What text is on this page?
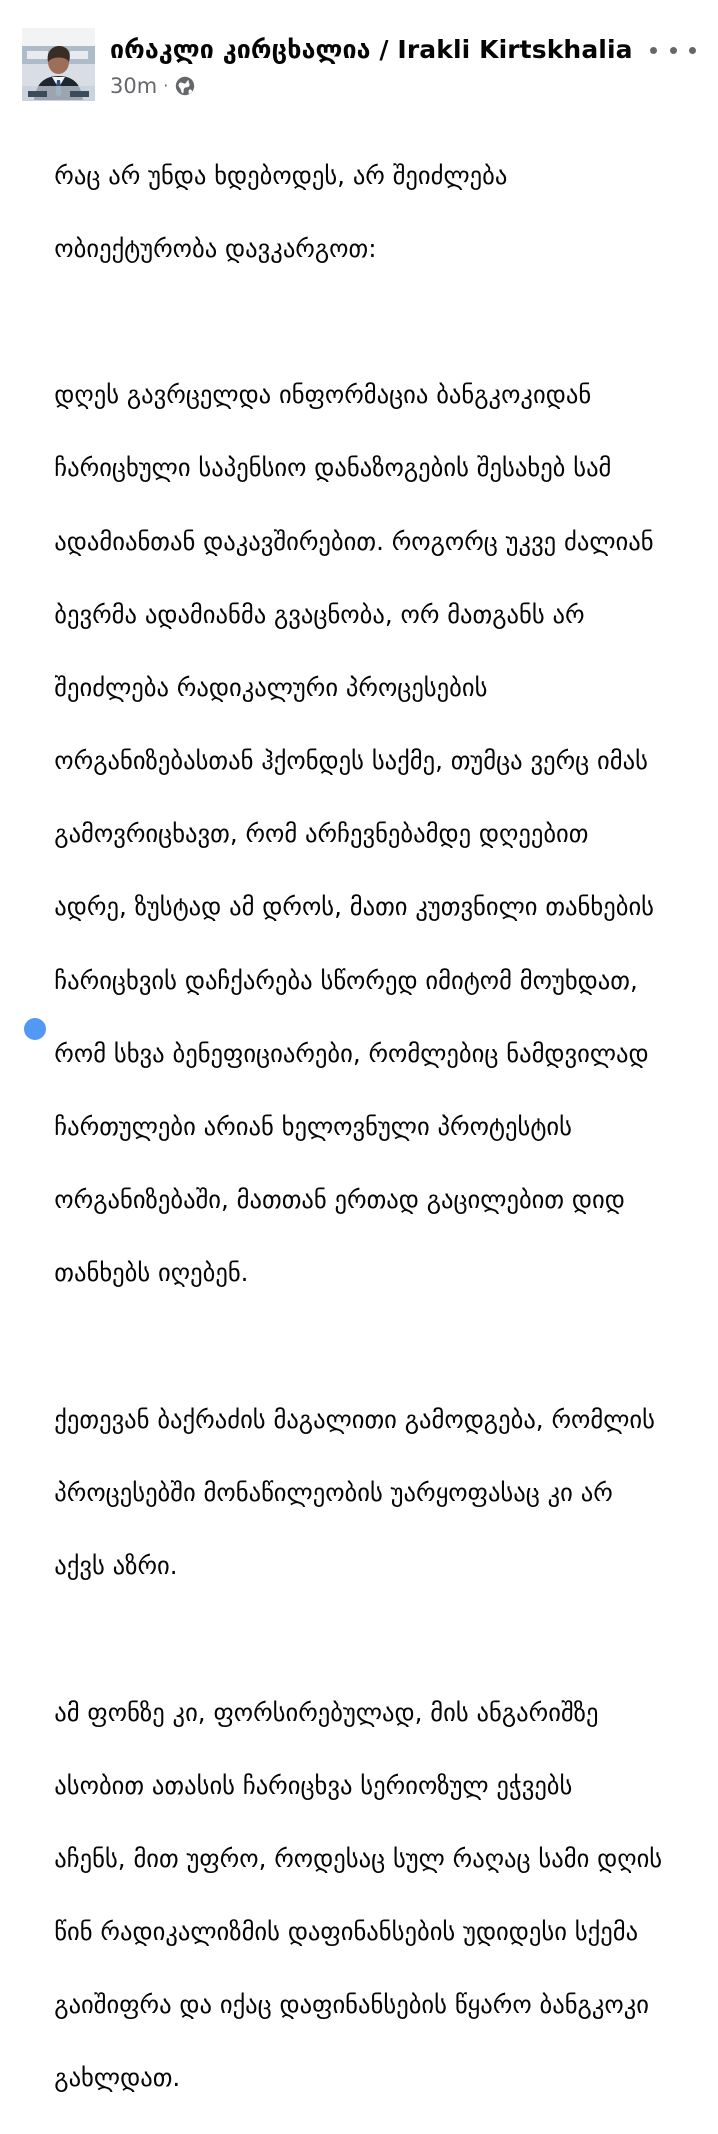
ირაკლი კირცხალია / Irakli Kirtskhalia
30m ·

რაც არ უნდა ხდებოდეს, არ შეიძლება

ობიექტურობა დავკარგოთ:

დღეს გავრცელდა ინფორმაცია ბანგკოკიდან

ჩარიცხული საპენსიო დანაზოგების შესახებ სამ

ადამიანთან დაკავშირებით. როგორც უკვე ძალიან

ბევრმა ადამიანმა გვაცნობა, ორ მათგანს არ

შეიძლება რადიკალური პროცესების

ორგანიზებასთან ჰქონდეს საქმე, თუმცა ვერც იმას

გამოვრიცხავთ, რომ არჩევნებამდე დღეებით

ადრე, ზუსტად ამ დროს, მათი კუთვნილი თანხების

ჩარიცხვის დაჩქარება სწორედ იმიტომ მოუხდათ,

რომ სხვა ბენეფიციარები, რომლებიც ნამდვილად

ჩართულები არიან ხელოვნული პროტესტის

ორგანიზებაში, მათთან ერთად გაცილებით დიდ

თანხებს იღებენ.

ქეთევან ბაქრაძის მაგალითი გამოდგება, რომლის

პროცესებში მონაწილეობის უარყოფასაც კი არ

აქვს აზრი.

ამ ფონზე კი, ფორსირებულად, მის ანგარიშზე

ასობით ათასის ჩარიცხვა სერიოზულ ეჭვებს

აჩენს, მით უფრო, როდესაც სულ რაღაც სამი დღის

წინ რადიკალიზმის დაფინანსების უდიდესი სქემა

გაიშიფრა და იქაც დაფინანსების წყარო ბანგკოკი

გახლდათ.
